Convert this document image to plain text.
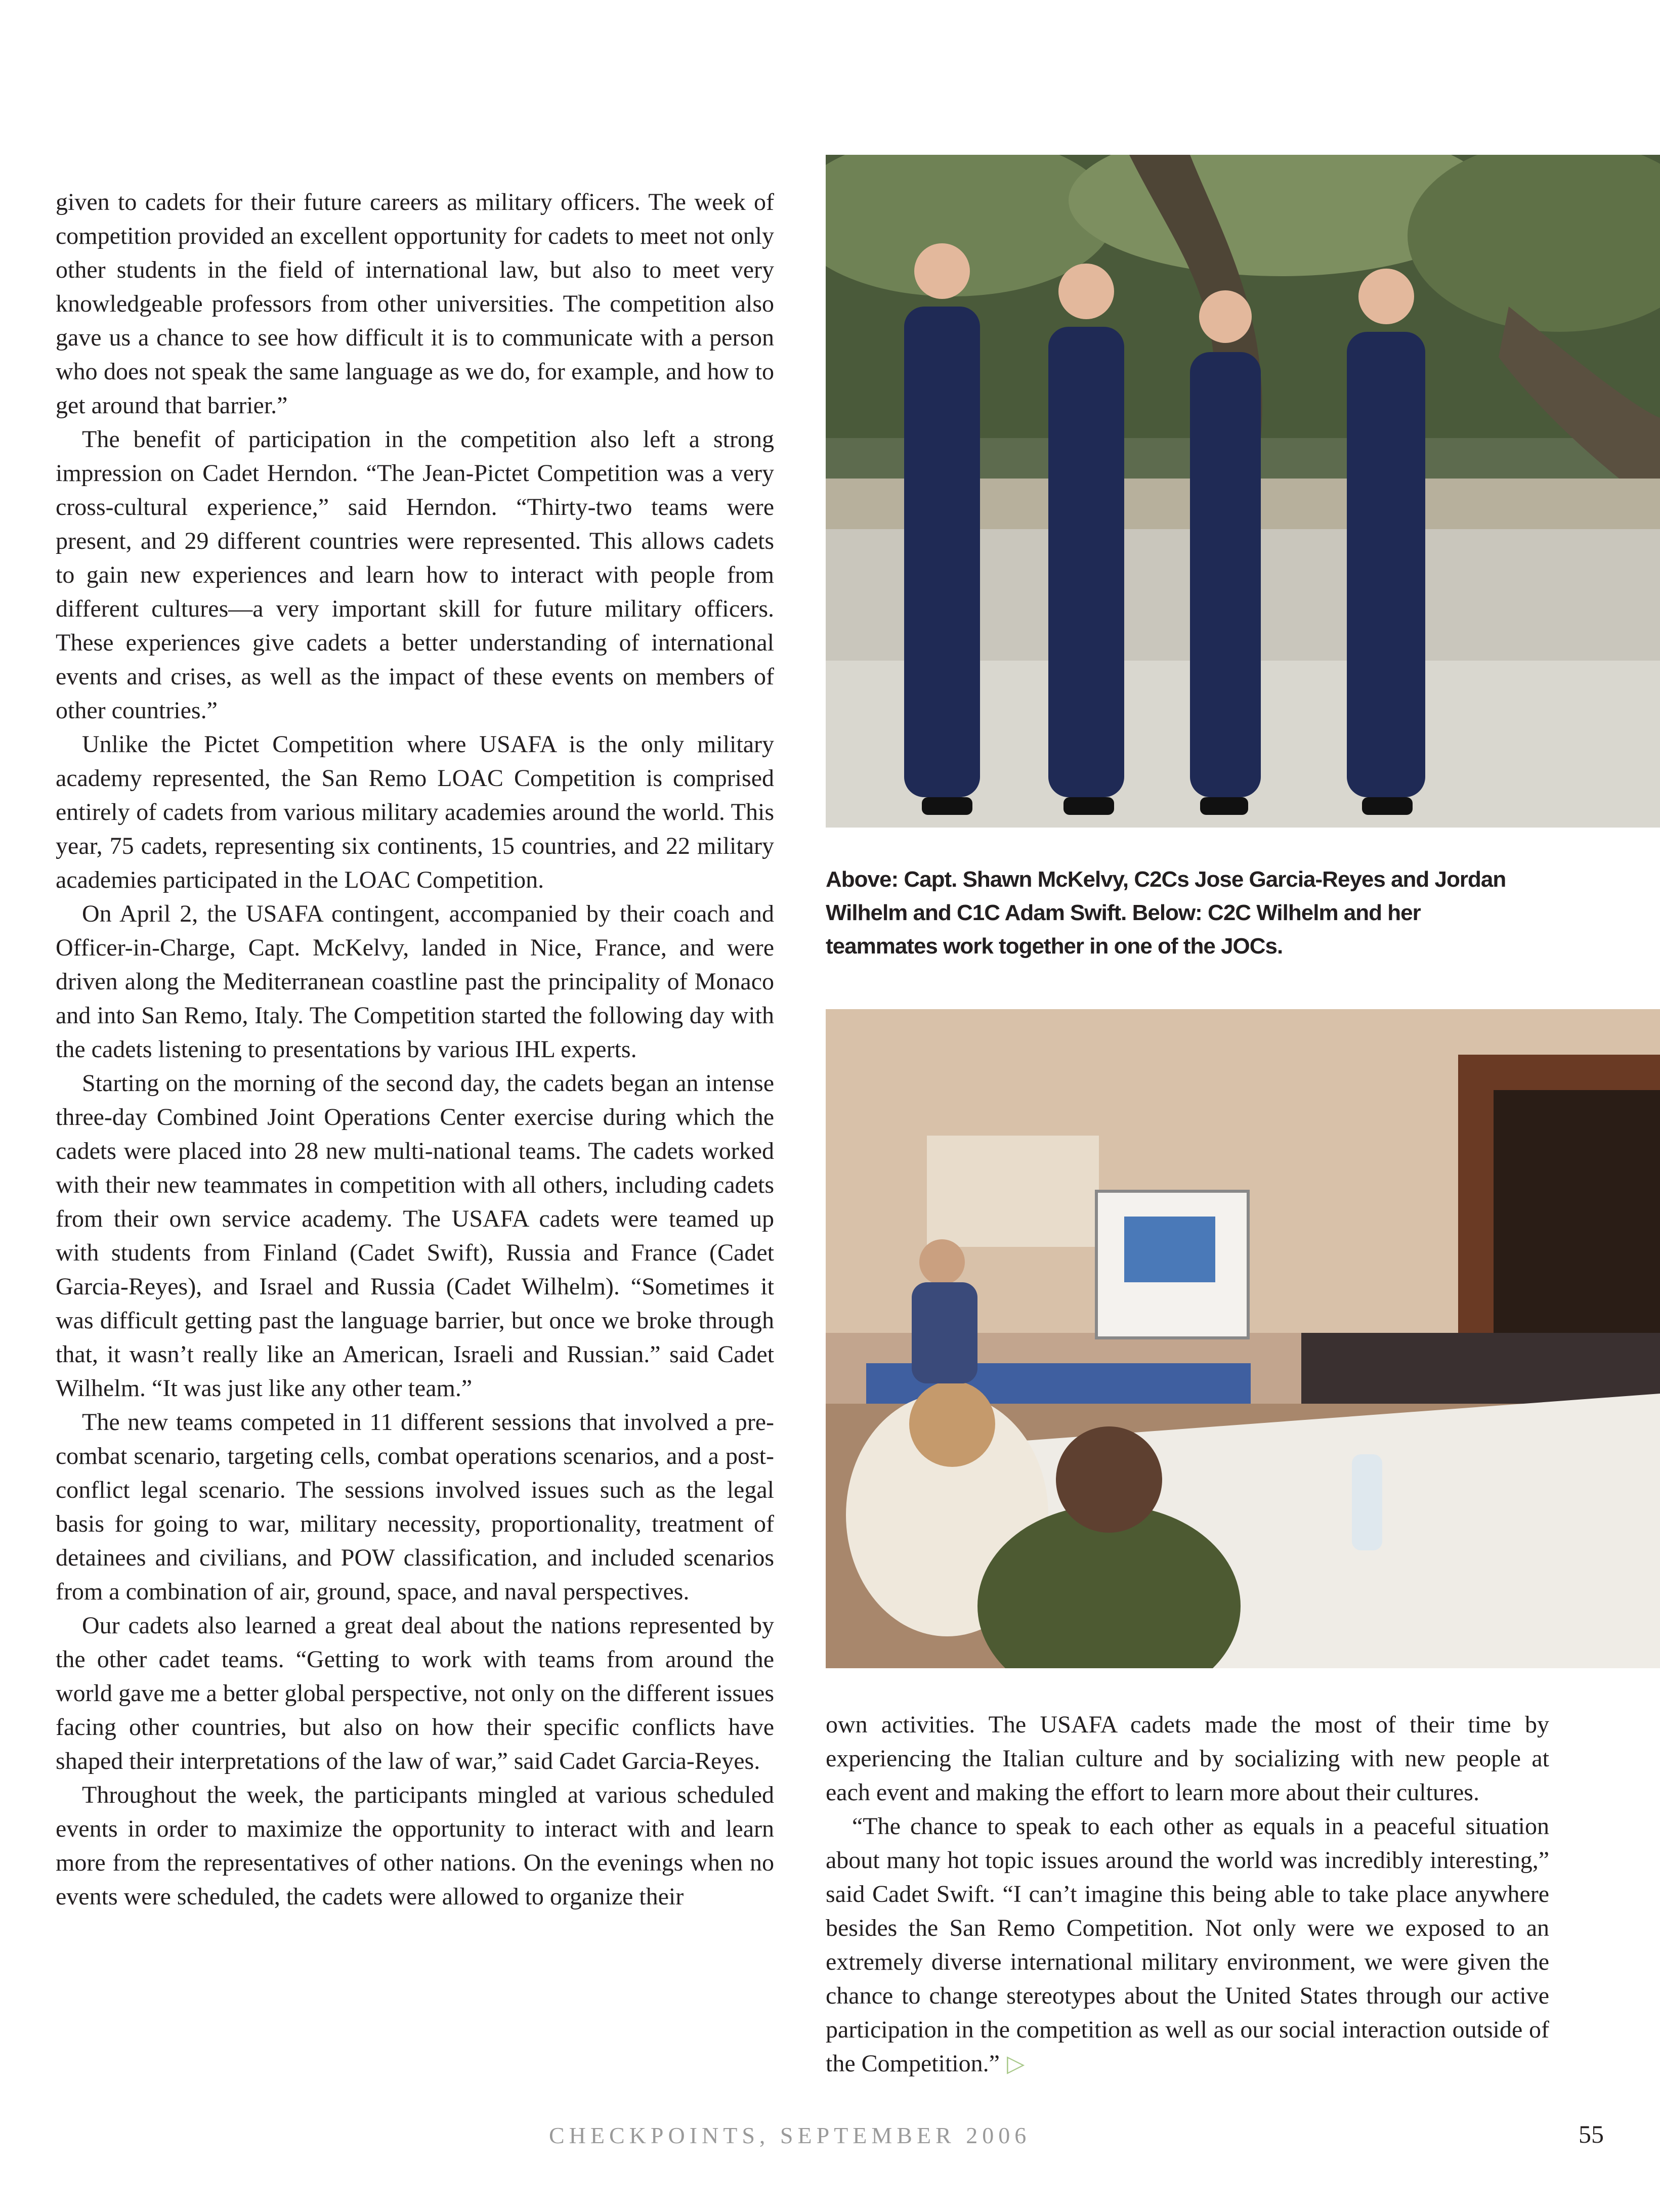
given to cadets for their future careers as military officers. The week of competition provided an excellent opportunity for cadets to meet not only other students in the field of international law, but also to meet very knowledgeable professors from other universities. The competition also gave us a chance to see how difficult it is to communicate with a person who does not speak the same language as we do, for example, and how to get around that barrier.”

The benefit of participation in the competition also left a strong impression on Cadet Herndon. “The Jean-Pictet Competition was a very cross-cultural experience,” said Herndon. “Thirty-two teams were present, and 29 different countries were represented. This allows cadets to gain new experiences and learn how to interact with people from different cultures—a very important skill for future military officers. These experiences give cadets a better understanding of international events and crises, as well as the impact of these events on members of other countries.”

Unlike the Pictet Competition where USAFA is the only military academy represented, the San Remo LOAC Competition is comprised entirely of cadets from various military academies around the world. This year, 75 cadets, representing six continents, 15 countries, and 22 military academies participated in the LOAC Competition.

On April 2, the USAFA contingent, accompanied by their coach and Officer-in-Charge, Capt. McKelvy, landed in Nice, France, and were driven along the Mediterranean coastline past the principality of Monaco and into San Remo, Italy. The Competition started the following day with the cadets listening to presentations by various IHL experts.

Starting on the morning of the second day, the cadets began an intense three-day Combined Joint Operations Center exercise during which the cadets were placed into 28 new multi-national teams. The cadets worked with their new teammates in competition with all others, including cadets from their own service academy. The USAFA cadets were teamed up with students from Finland (Cadet Swift), Russia and France (Cadet Garcia-Reyes), and Israel and Russia (Cadet Wilhelm). “Sometimes it was difficult getting past the language barrier, but once we broke through that, it wasn’t really like an American, Israeli and Russian.” said Cadet Wilhelm. “It was just like any other team.”

The new teams competed in 11 different sessions that involved a pre-combat scenario, targeting cells, combat operations scenarios, and a post-conflict legal scenario. The sessions involved issues such as the legal basis for going to war, military necessity, proportionality, treatment of detainees and civilians, and POW classification, and included scenarios from a combination of air, ground, space, and naval perspectives.

Our cadets also learned a great deal about the nations represented by the other cadet teams. “Getting to work with teams from around the world gave me a better global perspective, not only on the different issues facing other countries, but also on how their specific conflicts have shaped their interpretations of the law of war,” said Cadet Garcia-Reyes.

Throughout the week, the participants mingled at various scheduled events in order to maximize the opportunity to interact with and learn more from the representatives of other nations. On the evenings when no events were scheduled, the cadets were allowed to organize their

Above: Capt. Shawn McKelvy, C2Cs Jose Garcia-Reyes and Jordan
Wilhelm and C1C Adam Swift. Below: C2C Wilhelm and her
teammates work together in one of the JOCs.

own activities. The USAFA cadets made the most of their time by experiencing the Italian culture and by socializing with new people at each event and making the effort to learn more about their cultures.

“The chance to speak to each other as equals in a peaceful situation about many hot topic issues around the world was incredibly interesting,” said Cadet Swift. “I can’t imagine this being able to take place anywhere besides the San Remo Competition. Not only were we exposed to an extremely diverse international military environment, we were given the chance to change stereotypes about the United States through our active participation in the competition as well as our social interaction outside of the Competition.” ▷

CHECKPOINTS, SEPTEMBER 2006	55
